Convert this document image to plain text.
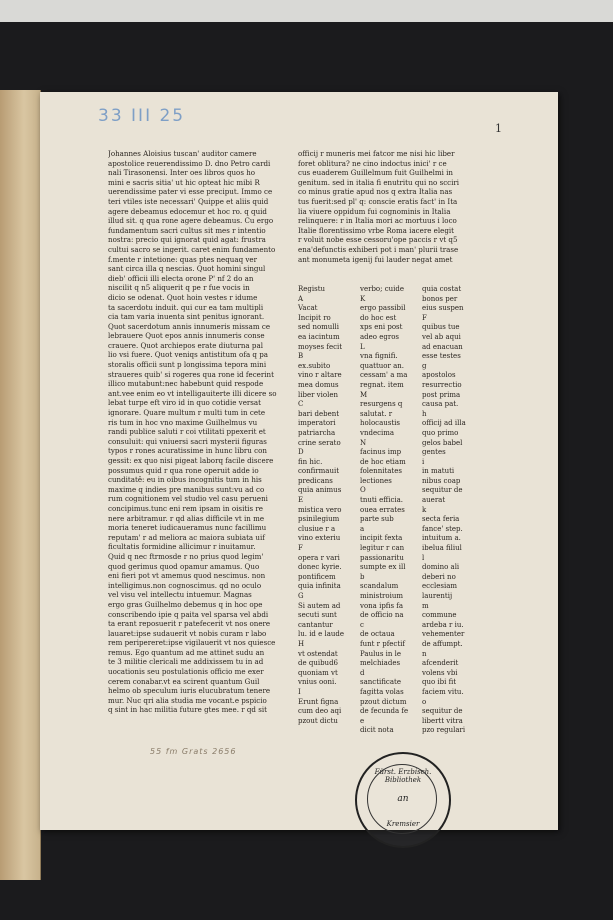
33 III 25
1

Johannes Aloisius tuscan' auditor camere

apostolice reuerendissimo D. dno Petro cardi

nali Tirasonensi. Inter oes libros quos ho

mini e sacris sitia' ut hic opteat hic mibi R

uerendissime pater vi esse preciput. Immo ce

teri vtiles iste necessari' Quippe et aliis quid

agere debeamus edocemur et hoc ro. q quid

illud sit. q qua rone agere debeamus. Cu ergo

fundamentum sacri cultus sit mes r intentio

nostra: precio qui ignorat quid agat: frustra

cultui sacro se ingerit. caret enim fundamento

f.mente r intetione: quas ptes nequaq ver

sant circa illa q nescias. Quot homini singul

dieb' officii illi electa orone P' nf 2 do an

niscilit q n5 aliquerit q pe r fue vocis in

dicio se odenat. Quot hoin vestes r idume

ta sacerdotu induit. qui cur ea tam multipli

cia tam varia inuenta sint penitus ignorant.

Quot sacerdotum annis innumeris missam ce

lebrauere Quot epos annis innumeris conse

crauere. Quot archiepos erate diuturna pal

lio vsi fuere. Quot veniqs antistitum ofa q pa

storalis officii sunt p longissima tepora mini

straueres quib' si rogeres qua rone id fecerint

illico mutabunt:nec habebunt quid respode

ant.vee enim eo vt intelligauiterte illi dicere so

lebat turpe eft viro id in quo cotidie versat

ignorare. Quare multum r multi tum in cete

ris tum in hoc vno maxime Guilhelmus vu

randi publice saluti r coi vtilitati ppexerit et

consuluit: qui vniuersi sacri mysterii figuras

typos r rones acuratissime in hunc libru con

gessit: ex quo nisi pigeat laborq facile discere

possumus quid r qua rone operuit adde io

cunditatê: eu in oibus incognitis tum in his

maxime q indies pre manibus sunt:vu ad co

rum cognitionem vel studio vel casu perueni

concipimus.tunc eni rem ipsam in oisitis re

nere arbitramur. r qd alias difficile vt in me

moria teneret iudicaueramus nunc facillimu

reputam' r ad meliora ac maiora subiata uif

ficultatis formidine allicimur r inuitamur.

Quid q nec ftrmosde r no prius quod legim'

quod gerimus quod opamur amamus. Quo

eni fieri pot vt amemus quod nescimus. non

intelligimus.non cognoscimus. qd no oculo

vel visu vel intellectu intuemur. Magnas

ergo gras Guilhelmo debemus q in hoc ope

conscribendo ipie q paita vel sparsa vel abdi

ta erant reposuerit r patefecerit vt nos onere

lauaret:ipse sudauerit vt nobis curam r labo

rem peripereret:ipse vigilauerit vt nos quiesce

remus. Ego quantum ad me attinet sudu an

te 3 militie clericali me addixissem tu in ad

uocationis seu postulationis officio me exer

cerem conabar.vt ea scirent quantum Guil

helmo ob speculum iuris elucubratum tenere

mur. Nuc qri alia studia me vocant.e pspicio

q sint in hac militia future gtes mee. r qd sit

officij r muneris mei fatcor me nisi hic liber

foret oblitura? ne cino indoctus inici' r ce

cus euaderem Guillelmum fuit Guilhelmi in

genitum. sed in italia fi enutritu qui no scciri

co minus gratie apud nos q extra Italia nas

tus fuerit:sed pl' q: conscie eratis fact' in Ita

lia viuere oppidum fui cognominis in Italia

relinquere: r in Italia mori ac mortuus i loco

Italie florentissimo vrbe Roma iacere elegit

r voluit nobe esse cessoru'ope paccis r vt q5

ena'defunctis exhiberi pot i man' plurii trase

ant monumeta igenij fui lauder negat amet

Registu

A

Vacat

Incipit ro

sed nomulli

ea iacintum

moyses fecit

B

ex.subito

vino r altare

mea domus

liber violen

C

bari debent

imperatori

patriarcha

crine serato

D

fin hic.

confirmauit

predicans

quia animus

E

mistica vero

psinilegium

clusiue r a

vino exteriu

F

opera r vari

donec kyrie.

pontificem

quia infinita

G

Si autem ad

secuti sunt

cantantur

lu. id e laude

H

vt ostendat

de quibud6

quoniam vt

vnius ooni.

I

Erunt figna

cum deo aqi

pzout dictu

verbo; cuide

K

ergo passibil

do hoc est

xps eni post

adeo egros

L

vna fignifi.

quattuor an.

cessam' a ma

regnat. item

M

resurgens q

salutat. r

holocaustis

vndecima

N

facinus imp

de hoc etiam

folennitates

lectiones

O

tnuti efficia.

ouea errates

parte sub

a

incipit fexta

legitur r can

passionaritu

sumpte ex ill

b

scandalum

ministroium

vona ipfis fa

de officio na

c

de octaua

funt r pfectif

Paulus in le

melchiades

d

sanctificate

fagitta volas

pzout dictum

de fecunda fe

e

dicit nota

quia costat

bonos per

eius suspen

F

quibus tue

vel ab aqui

ad enacuan

esse testes

g

apostolos

resurrectio

post prima

causa pat.

h

officij ad illa

quo primo

gelos babel

gentes

i

in matuti

nibus coap

sequitur de

auerat

k

secta feria

fance' step.

intuitum a.

ibelua filiul

l

domino ali

deberi no

ecclesiam

laurentij

m

commune

ardeba r iu.

vehementer

de affumpt.

n

afcenderit

volens vbi

quo ibi fit

faciem vitu.

o

sequitur de

libertt vitra

pzo regulari

55 fm Grats 2656
Fürst. Erzbisch. Bibliothek
an
Kremsier
